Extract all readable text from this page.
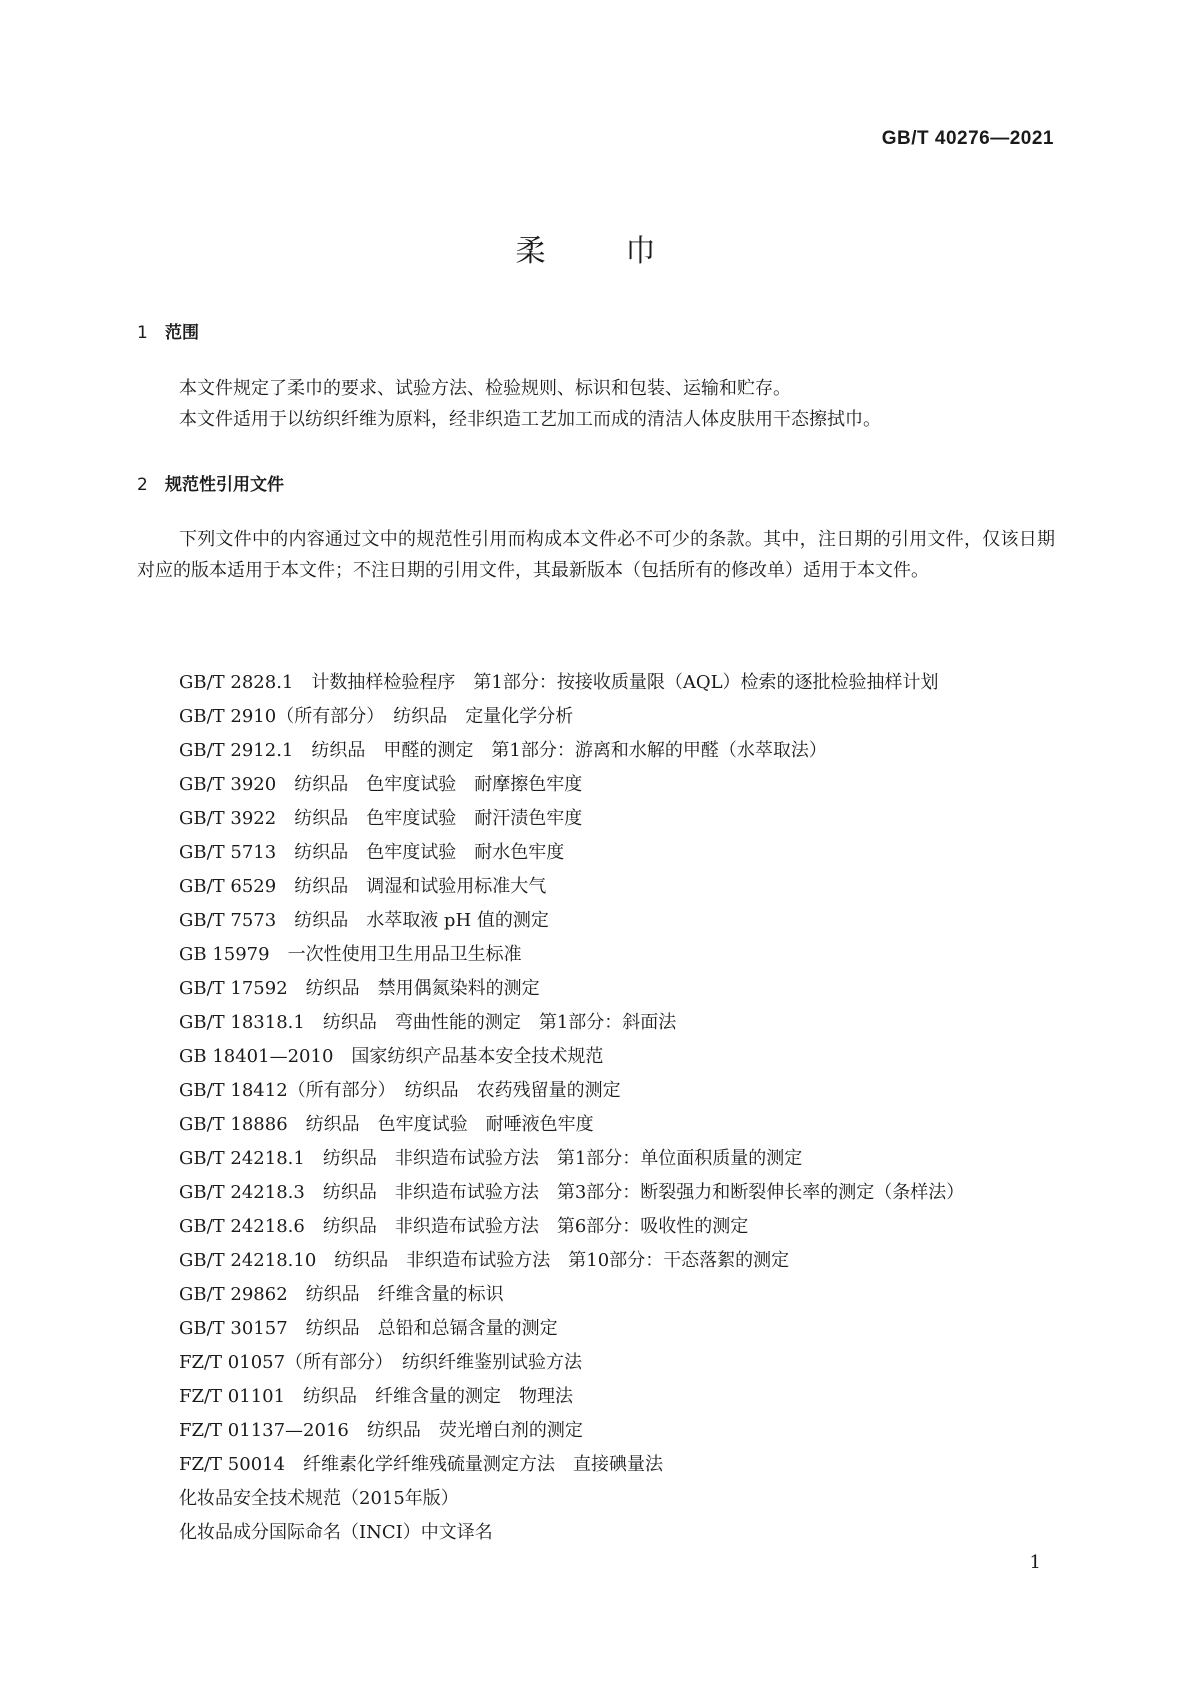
GB/T 40276—2021
柔巾
1 范围
本文件规定了柔巾的要求、试验方法、检验规则、标识和包装、运输和贮存。
本文件适用于以纺织纤维为原料，经非织造工艺加工而成的清洁人体皮肤用干态擦拭巾。
2 规范性引用文件
下列文件中的内容通过文中的规范性引用而构成本文件必不可少的条款。其中，注日期的引用文件，仅该日期对应的版本适用于本文件；不注日期的引用文件，其最新版本（包括所有的修改单）适用于本文件。
GB/T 2828.1　计数抽样检验程序　第1部分：按接收质量限（AQL）检索的逐批检验抽样计划
GB/T 2910（所有部分）　纺织品　定量化学分析
GB/T 2912.1　纺织品　甲醛的测定　第1部分：游离和水解的甲醛（水萃取法）
GB/T 3920　纺织品　色牢度试验　耐摩擦色牢度
GB/T 3922　纺织品　色牢度试验　耐汗渍色牢度
GB/T 5713　纺织品　色牢度试验　耐水色牢度
GB/T 6529　纺织品　调湿和试验用标准大气
GB/T 7573　纺织品　水萃取液 pH 值的测定
GB 15979　一次性使用卫生用品卫生标准
GB/T 17592　纺织品　禁用偶氮染料的测定
GB/T 18318.1　纺织品　弯曲性能的测定　第1部分：斜面法
GB 18401—2010　国家纺织产品基本安全技术规范
GB/T 18412（所有部分）　纺织品　农药残留量的测定
GB/T 18886　纺织品　色牢度试验　耐唾液色牢度
GB/T 24218.1　纺织品　非织造布试验方法　第1部分：单位面积质量的测定
GB/T 24218.3　纺织品　非织造布试验方法　第3部分：断裂强力和断裂伸长率的测定（条样法）
GB/T 24218.6　纺织品　非织造布试验方法　第6部分：吸收性的测定
GB/T 24218.10　纺织品　非织造布试验方法　第10部分：干态落絮的测定
GB/T 29862　纺织品　纤维含量的标识
GB/T 30157　纺织品　总铅和总镉含量的测定
FZ/T 01057（所有部分）　纺织纤维鉴别试验方法
FZ/T 01101　纺织品　纤维含量的测定　物理法
FZ/T 01137—2016　纺织品　荧光增白剂的测定
FZ/T 50014　纤维素化学纤维残硫量测定方法　直接碘量法
化妆品安全技术规范（2015年版）
化妆品成分国际命名（INCI）中文译名
1
